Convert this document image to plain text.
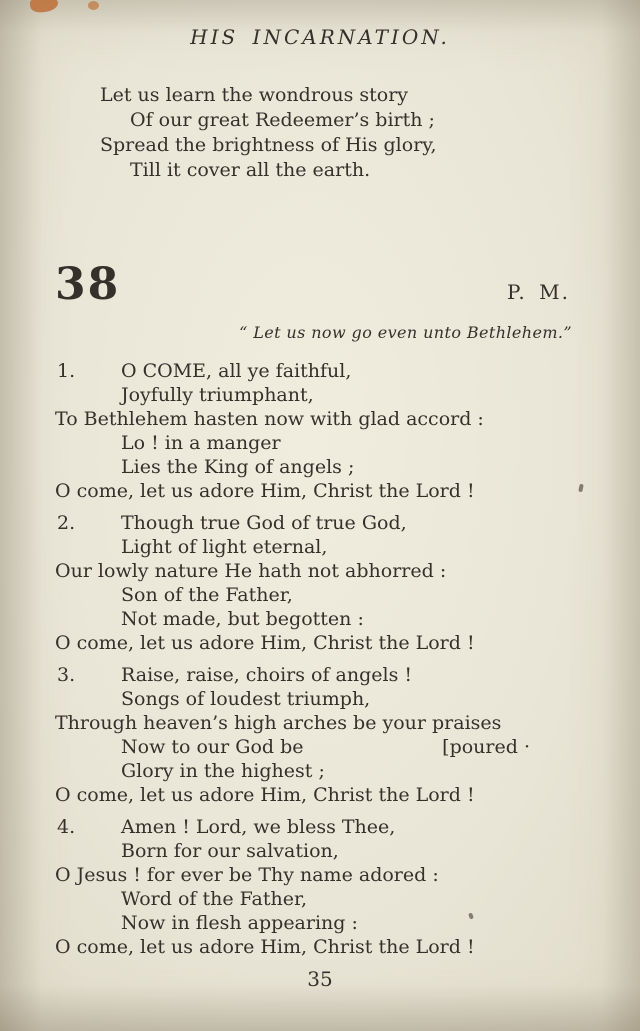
HIS INCARNATION.
Let us learn the wondrous story
Of our great Redeemer’s birth ;
Spread the brightness of His glory,
Till it cover all the earth.
38	P. M.
“ Let us now go even unto Bethlehem.”
1.	O COME, all ye faithful,
Joyfully triumphant,
To Bethlehem hasten now with glad accord :
Lo ! in a manger
Lies the King of angels ;
O come, let us adore Him, Christ the Lord !
2.	Though true God of true God,
Light of light eternal,
Our lowly nature He hath not abhorred :
Son of the Father,
Not made, but begotten :
O come, let us adore Him, Christ the Lord !
3.	Raise, raise, choirs of angels !
Songs of loudest triumph,
Through heaven’s high arches be your praises
Now to our God be	[poured ·
Glory in the highest ;
O come, let us adore Him, Christ the Lord !
4.	Amen ! Lord, we bless Thee,
Born for our salvation,
O Jesus ! for ever be Thy name adored :
Word of the Father,
Now in flesh appearing :
O come, let us adore Him, Christ the Lord !
35
